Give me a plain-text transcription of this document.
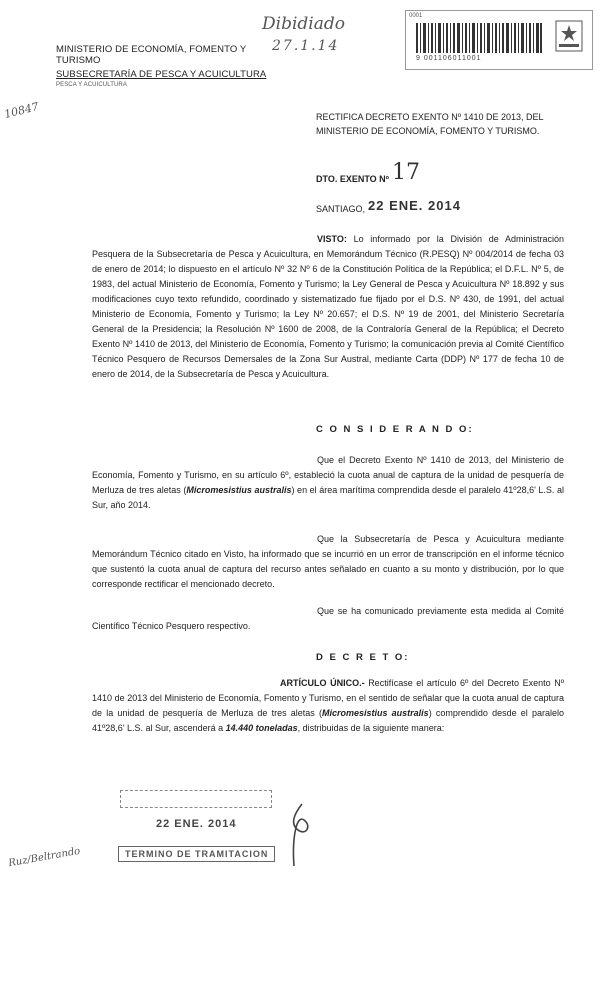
Dibidiado
27.1.14
10847
0001
9 001106011001
MINISTERIO DE ECONOMÍA, FOMENTO Y TURISMO
SUBSECRETARÍA DE PESCA Y ACUICULTURA
PESCA Y ACUICULTURA
RECTIFICA DECRETO EXENTO Nº 1410 DE 2013, DEL MINISTERIO DE ECONOMÍA, FOMENTO Y TURISMO.
DTO. EXENTO Nº 17
SANTIAGO, 22 ENE. 2014
VISTO: Lo informado por la División de Administración Pesquera de la Subsecretaría de Pesca y Acuicultura, en Memorándum Técnico (R.PESQ) Nº 004/2014 de fecha 03 de enero de 2014; lo dispuesto en el artículo Nº 32 Nº 6 de la Constitución Política de la República; el D.F.L. Nº 5, de 1983, del actual Ministerio de Economía, Fomento y Turismo; la Ley General de Pesca y Acuicultura Nº 18.892 y sus modificaciones cuyo texto refundido, coordinado y sistematizado fue fijado por el D.S. Nº 430, de 1991, del actual Ministerio de Economía, Fomento y Turismo; la Ley Nº 20.657; el D.S. Nº 19 de 2001, del Ministerio Secretaría General de la Presidencia; la Resolución Nº 1600 de 2008, de la Contraloría General de la República; el Decreto Exento Nº 1410 de 2013, del Ministerio de Economía, Fomento y Turismo; la comunicación previa al Comité Científico Técnico Pesquero de Recursos Demersales de la Zona Sur Austral, mediante Carta (DDP) Nº 177 de fecha 10 de enero de 2014, de la Subsecretaría de Pesca y Acuicultura.
C O N S I D E R A N D O:
Que el Decreto Exento Nº 1410 de 2013, del Ministerio de Economía, Fomento y Turismo, en su artículo 6º, estableció la cuota anual de captura de la unidad de pesquería de Merluza de tres aletas (Micromesistius australis) en el área marítima comprendida desde el paralelo 41º28,6' L.S. al Sur, año 2014.
Que la Subsecretaría de Pesca y Acuicultura mediante Memorándum Técnico citado en Visto, ha informado que se incurrió en un error de transcripción en el informe técnico que sustentó la cuota anual de captura del recurso antes señalado en cuanto a su monto y distribución, por lo que corresponde rectificar el mencionado decreto.
Que se ha comunicado previamente esta medida al Comité Científico Técnico Pesquero respectivo.
D E C R E T O:
ARTÍCULO ÚNICO.- Rectifícase el artículo 6º del Decreto Exento Nº 1410 de 2013 del Ministerio de Economía, Fomento y Turismo, en el sentido de señalar que la cuota anual de captura de la unidad de pesquería de Merluza de tres aletas (Micromesistius australis) comprendido desde el paralelo 41º28,6' L.S. al Sur, ascenderá a 14.440 toneladas, distribuidas de la siguiente manera:
22 ENE. 2014
TERMINO DE TRAMITACION
Ruz/Beltrando
